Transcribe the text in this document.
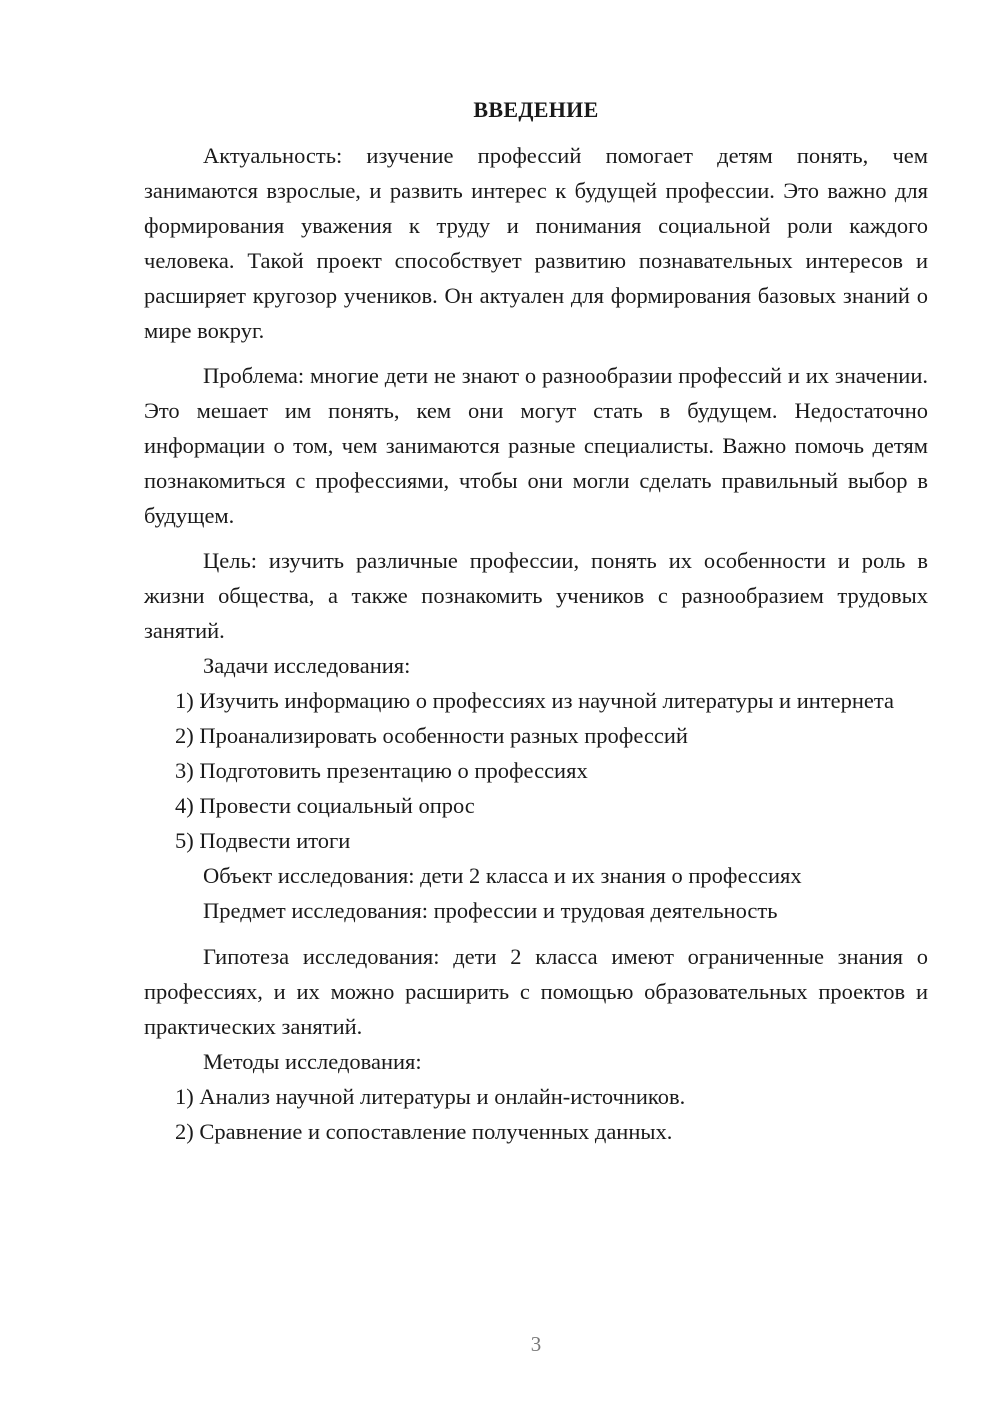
ВВЕДЕНИЕ

Актуальность: изучение профессий помогает детям понять, чем занимаются взрослые, и развить интерес к будущей профессии. Это важно для формирования уважения к труду и понимания социальной роли каждого человека. Такой проект способствует развитию познавательных интересов и расширяет кругозор учеников. Он актуален для формирования базовых знаний о мире вокруг.

Проблема: многие дети не знают о разнообразии профессий и их значении. Это мешает им понять, кем они могут стать в будущем. Недостаточно информации о том, чем занимаются разные специалисты. Важно помочь детям познакомиться с профессиями, чтобы они могли сделать правильный выбор в будущем.

Цель: изучить различные профессии, понять их особенности и роль в жизни общества, а также познакомить учеников с разнообразием трудовых занятий.

Задачи исследования:

1) Изучить информацию о профессиях из научной литературы и интернета

2) Проанализировать особенности разных профессий

3) Подготовить презентацию о профессиях

4) Провести социальный опрос

5) Подвести итоги

Объект исследования: дети 2 класса и их знания о профессиях

Предмет исследования: профессии и трудовая деятельность

Гипотеза исследования: дети 2 класса имеют ограниченные знания о профессиях, и их можно расширить с помощью образовательных проектов и практических занятий.

Методы исследования:

1) Анализ научной литературы и онлайн-источников.

2) Сравнение и сопоставление полученных данных.

3
